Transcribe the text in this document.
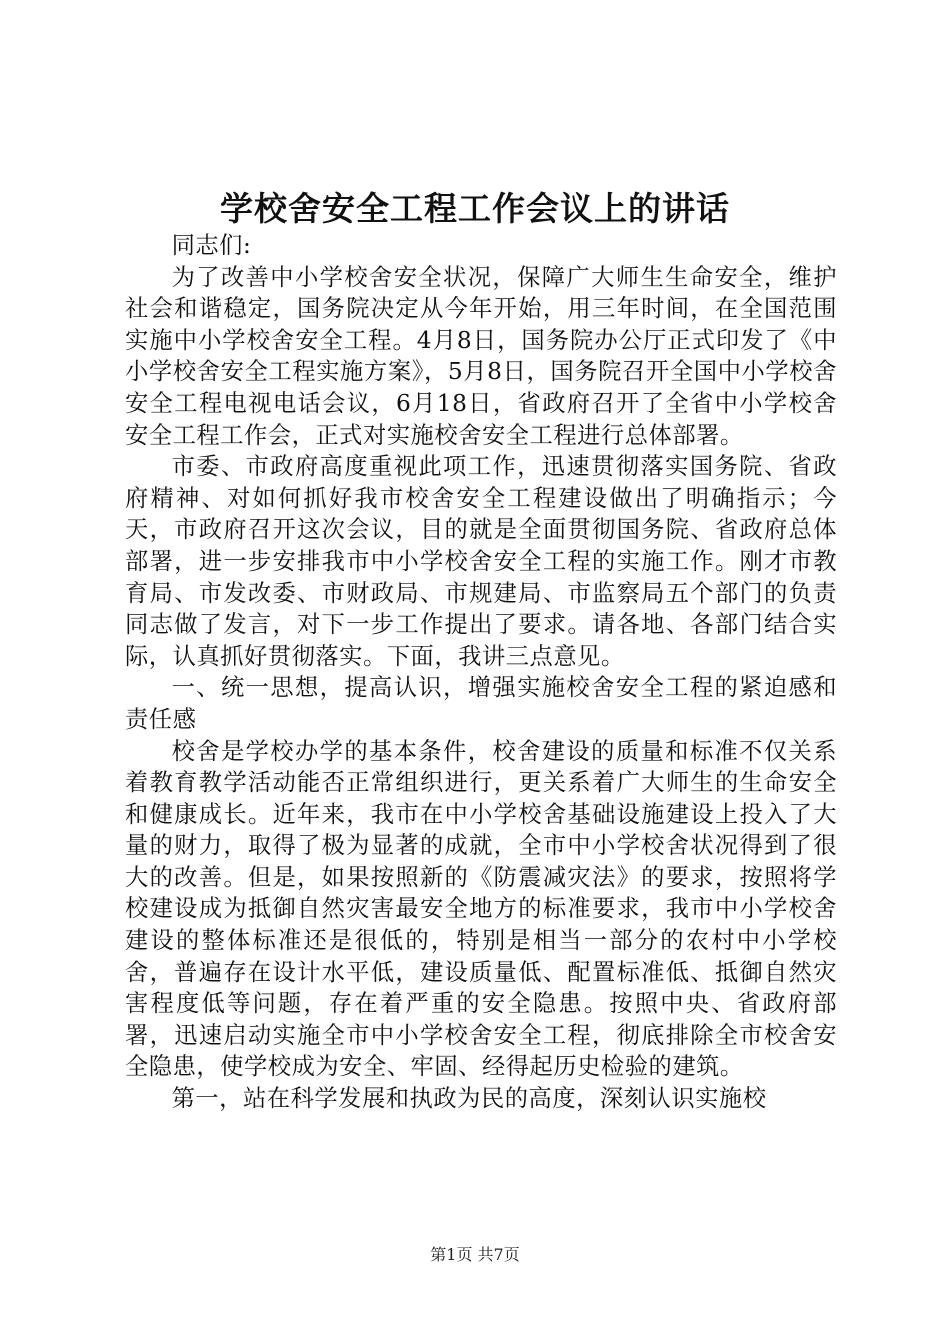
学校舍安全工程工作会议上的讲话

同志们:

为了改善中小学校舍安全状况，保障广大师生生命安全，维护社会和谐稳定，国务院决定从今年开始，用三年时间，在全国范围实施中小学校舍安全工程。4月8日，国务院办公厅正式印发了《中小学校舍安全工程实施方案》，5月8日，国务院召开全国中小学校舍安全工程电视电话会议，6月18日，省政府召开了全省中小学校舍安全工程工作会，正式对实施校舍安全工程进行总体部署。

市委、市政府高度重视此项工作，迅速贯彻落实国务院、省政府精神、对如何抓好我市校舍安全工程建设做出了明确指示；今天，市政府召开这次会议，目的就是全面贯彻国务院、省政府总体部署，进一步安排我市中小学校舍安全工程的实施工作。刚才市教育局、市发改委、市财政局、市规建局、市监察局五个部门的负责同志做了发言，对下一步工作提出了要求。请各地、各部门结合实际，认真抓好贯彻落实。下面，我讲三点意见。

一、统一思想，提高认识，增强实施校舍安全工程的紧迫感和责任感

校舍是学校办学的基本条件，校舍建设的质量和标准不仅关系着教育教学活动能否正常组织进行，更关系着广大师生的生命安全和健康成长。近年来，我市在中小学校舍基础设施建设上投入了大量的财力，取得了极为显著的成就，全市中小学校舍状况得到了很大的改善。但是，如果按照新的《防震减灾法》的要求，按照将学校建设成为抵御自然灾害最安全地方的标准要求，我市中小学校舍建设的整体标准还是很低的，特别是相当一部分的农村中小学校舍，普遍存在设计水平低，建设质量低、配置标准低、抵御自然灾害程度低等问题，存在着严重的安全隐患。按照中央、省政府部署，迅速启动实施全市中小学校舍安全工程，彻底排除全市校舍安全隐患，使学校成为安全、牢固、经得起历史检验的建筑。

第一，站在科学发展和执政为民的高度，深刻认识实施校

第1页 共7页
